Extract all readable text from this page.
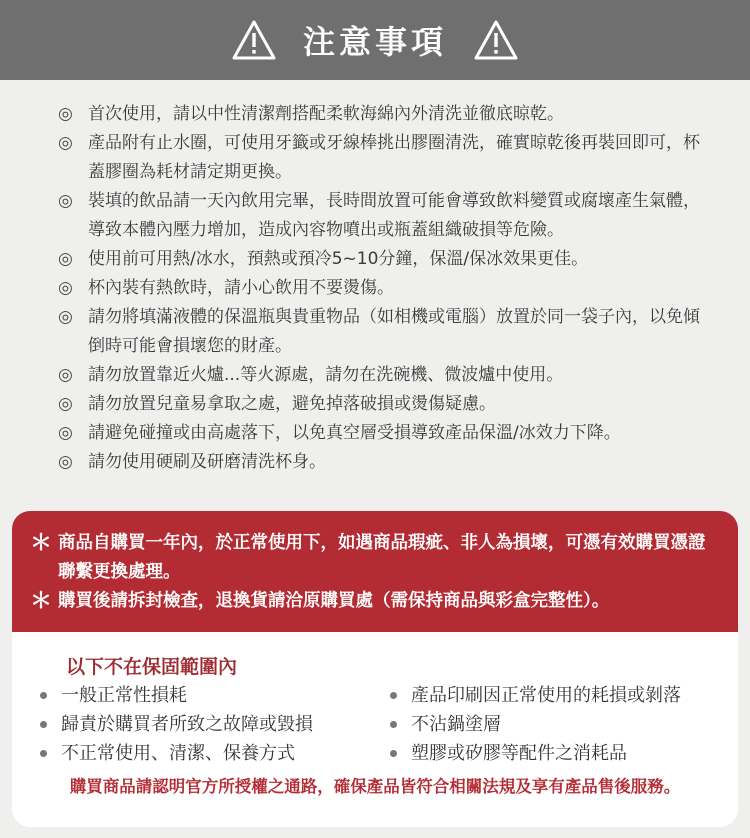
注意事項
◎ 首次使用，請以中性清潔劑搭配柔軟海綿內外清洗並徹底晾乾。
◎ 產品附有止水圈，可使用牙籤或牙線棒挑出膠圈清洗，確實晾乾後再裝回即可，杯蓋膠圈為耗材請定期更換。
◎ 裝填的飲品請一天內飲用完畢，長時間放置可能會導致飲料變質或腐壞產生氣體，導致本體內壓力增加，造成內容物噴出或瓶蓋組織破損等危險。
◎ 使用前可用熱/冰水，預熱或預冷5~10分鐘，保溫/保冰效果更佳。
◎ 杯內裝有熱飲時，請小心飲用不要燙傷。
◎ 請勿將填滿液體的保溫瓶與貴重物品（如相機或電腦）放置於同一袋子內，以免傾倒時可能會損壞您的財產。
◎ 請勿放置靠近火爐...等火源處，請勿在洗碗機、微波爐中使用。
◎ 請勿放置兒童易拿取之處，避免掉落破損或燙傷疑慮。
◎ 請避免碰撞或由高處落下，以免真空層受損導致產品保溫/冰效力下降。
◎ 請勿使用硬刷及研磨清洗杯身。
＊ 商品自購買一年內，於正常使用下，如遇商品瑕疵、非人為損壞，可憑有效購買憑證聯繫更換處理。
＊ 購買後請拆封檢查，退換貨請洽原購買處（需保持商品與彩盒完整性）。
以下不在保固範圍內
一般正常性損耗
歸責於購買者所致之故障或毀損
不正常使用、清潔、保養方式
產品印刷因正常使用的耗損或剝落
不沾鍋塗層
塑膠或矽膠等配件之消耗品
購買商品請認明官方所授權之通路，確保產品皆符合相關法規及享有產品售後服務。
